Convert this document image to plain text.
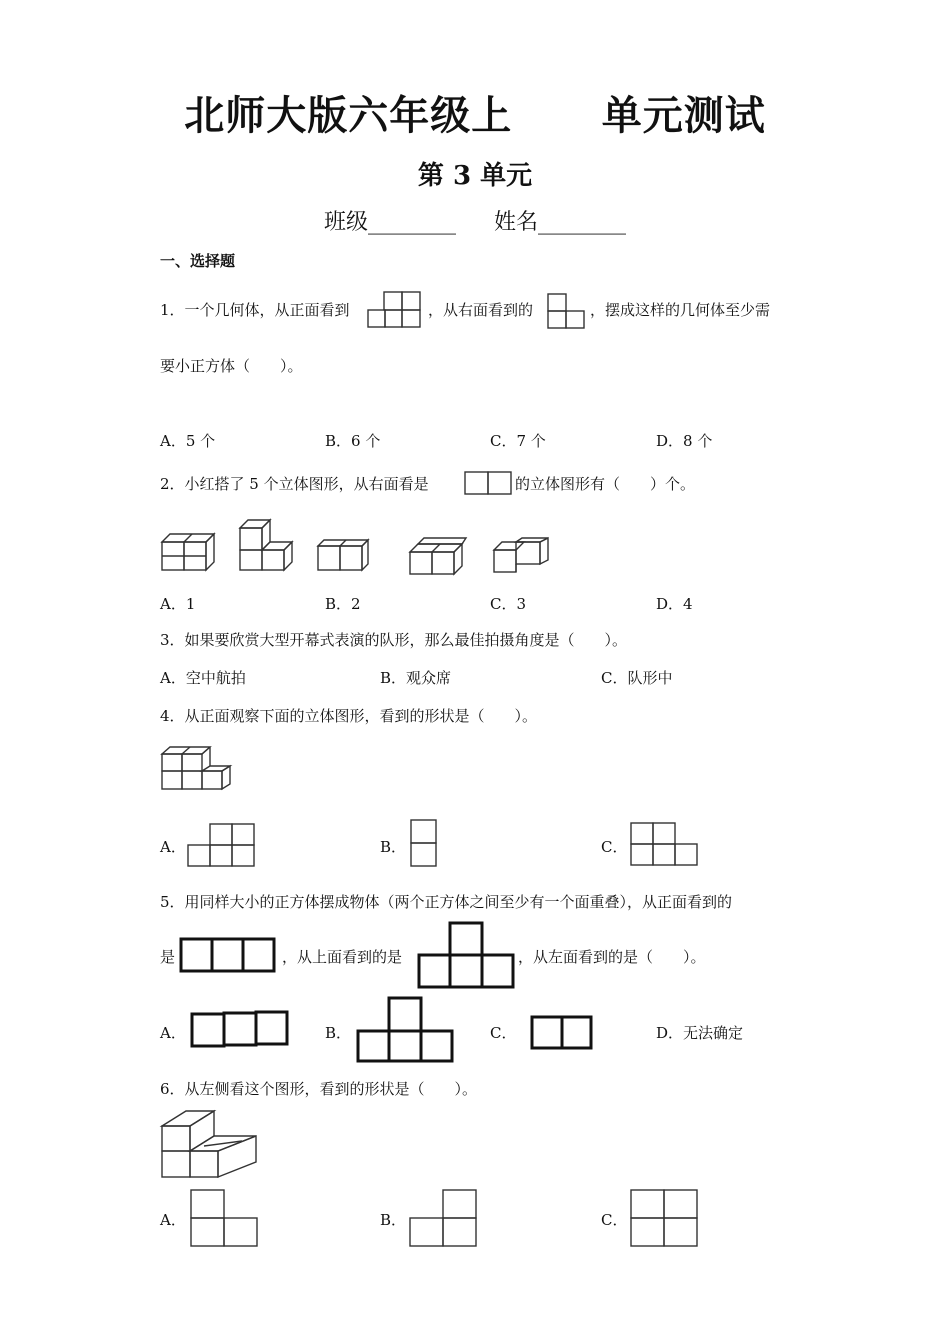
北师大版六年级上      单元测试
第 3 单元
班级________ 姓名________
一、选择题
1．一个几何体，从正面看到	，从右面看到的	，摆成这样的几何体至少需
要小正方体（　　）。
A．5 个	B．6 个	C．7 个	D．8 个
2．小红搭了 5 个立体图形，从右面看是	的立体图形有（　　）个。
A．1	B．2	C．3	D．4
3．如果要欣赏大型开幕式表演的队形，那么最佳拍摄角度是（　　）。
A．空中航拍	B．观众席	C．队形中
4．从正面观察下面的立体图形，看到的形状是（　　）。
A．	B．	C．
5．用同样大小的正方体摆成物体（两个正方体之间至少有一个面重叠），从正面看到的
是	，从上面看到的是	，从左面看到的是（　　）。
A．	B．	C．	D．无法确定
6．从左侧看这个图形，看到的形状是（　　）。
A．	B．	C．
